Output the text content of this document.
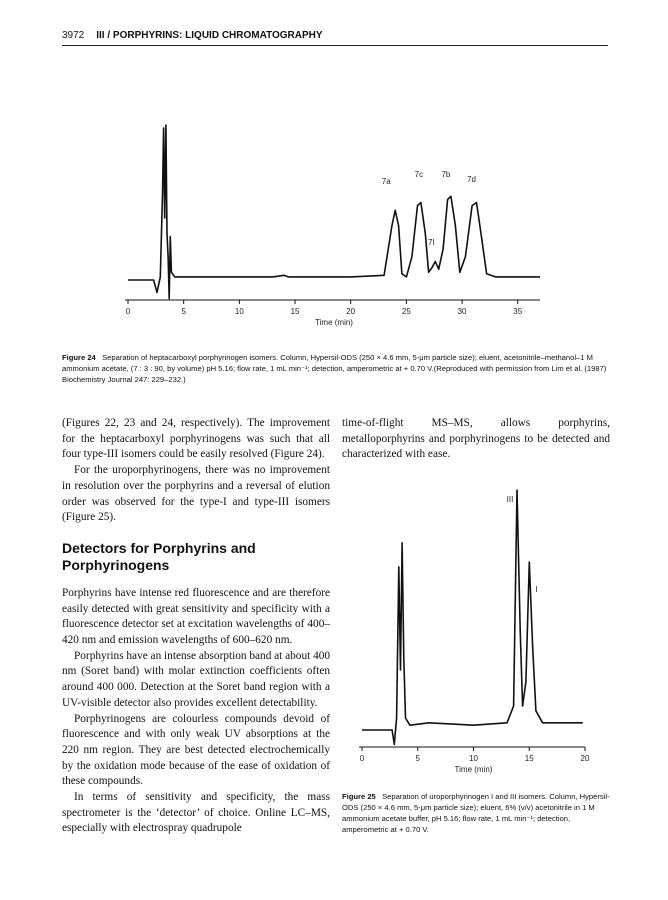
3972 III / PORPHYRINS: LIQUID CHROMATOGRAPHY
0	5	10	15	20	25	30	35
Time (min)
7a
7c 7b
7d
7I
Figure 24 Separation of heptacarboxyl porphyrinogen isomers. Column, Hypersil-ODS (250 × 4.6 mm, 5-μm particle size); eluent, acetonitrile–methanol–1 M ammonium acetate, (7 : 3 : 90, by volume) pH 5.16; flow rate, 1 mL min⁻¹; detection, amperometric at + 0.70 V.(Reproduced with permission from Lim et al. (1987) Biochemistry Journal 247: 229–232.)

(Figures 22, 23 and 24, respectively). The improvement for the heptacarboxyl porphyrinogens was such that all four type-III isomers could be easily resolved (Figure 24).

For the uroporphyrinogens, there was no improvement in resolution over the porphyrins and a reversal of elution order was observed for the type-I and type-III isomers (Figure 25).

Detectors for Porphyrins and Porphyrinogens

Porphyrins have intense red fluorescence and are therefore easily detected with great sensitivity and specificity with a fluorescence detector set at excitation wavelengths of 400–420 nm and emission wavelengths of 600–620 nm.

Porphyrins have an intense absorption band at about 400 nm (Soret band) with molar extinction coefficients often around 400 000. Detection at the Soret band region with a UV-visible detector also provides excellent detectability.

Porphyrinogens are colourless compounds devoid of fluorescence and with only weak UV absorptions at the 220 nm region. They are best detected electrochemically by the oxidation mode because of the ease of oxidation of these compounds.

In terms of sensitivity and specificity, the mass spectrometer is the ‘detector’ of choice. Online LC–MS, especially with electrospray quadrupole

time-of-flight MS–MS, allows porphyrins, metalloporphyrins and porphyrinogens to be detected and characterized with ease.

0	5	10	15	20
Time (min)
III
I
Figure 25 Separation of uroporphyrinogen I and III isomers. Column, Hypersil-ODS (250 × 4.6 mm, 5-μm particle size); eluent, 6% (v/v) acetonitrile in 1 M ammonium acetate buffer, pH 5.16; flow rate, 1 mL min⁻¹; detection, amperometric at + 0.70 V.
